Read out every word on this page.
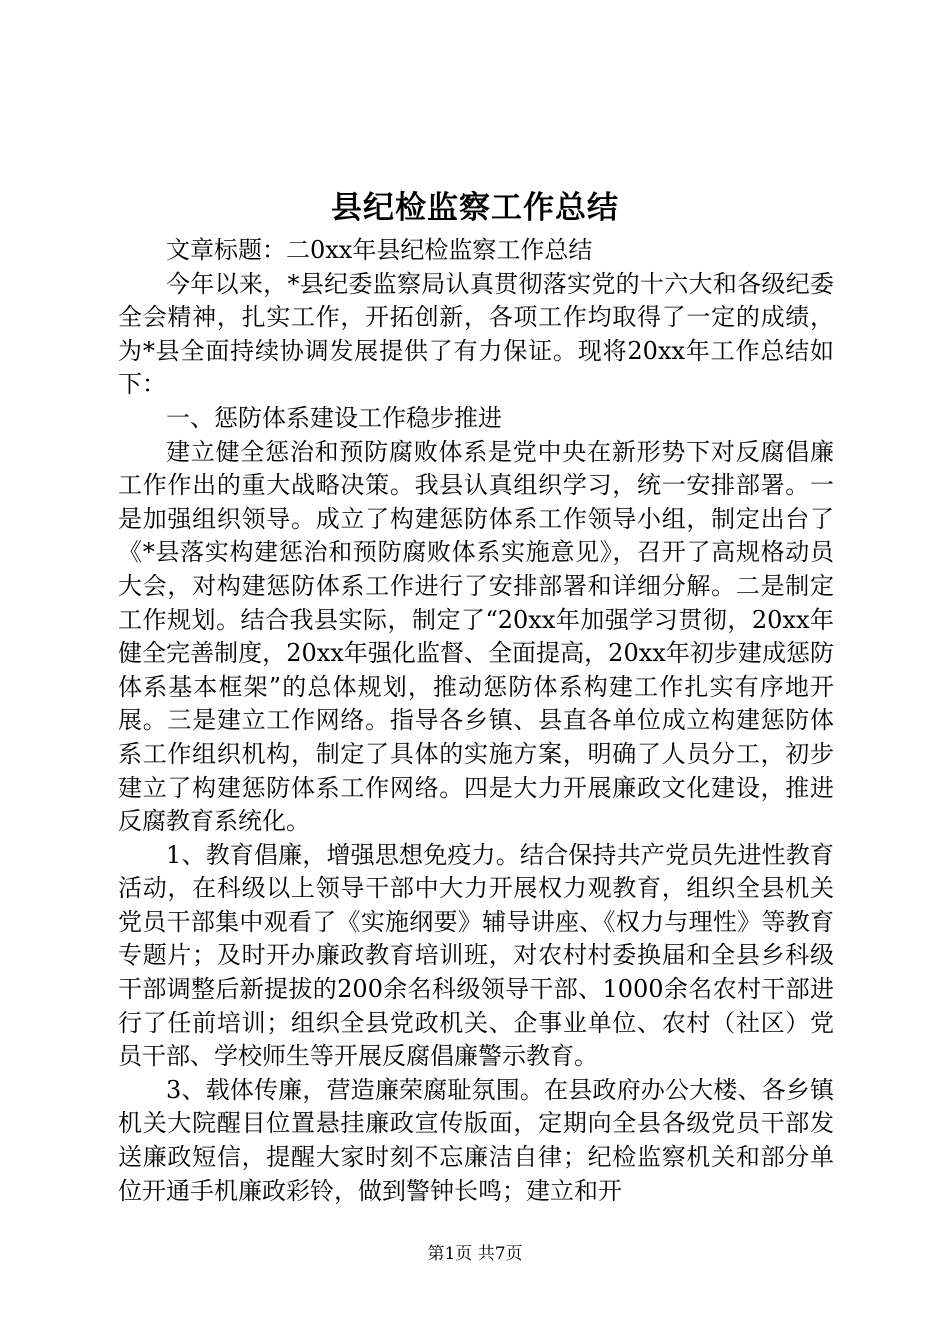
县纪检监察工作总结

文章标题：二0xx年县纪检监察工作总结

今年以来，*县纪委监察局认真贯彻落实党的十六大和各级纪委全会精神，扎实工作，开拓创新，各项工作均取得了一定的成绩，为*县全面持续协调发展提供了有力保证。现将20xx年工作总结如下：

一、惩防体系建设工作稳步推进

建立健全惩治和预防腐败体系是党中央在新形势下对反腐倡廉工作作出的重大战略决策。我县认真组织学习，统一安排部署。一是加强组织领导。成立了构建惩防体系工作领导小组，制定出台了《*县落实构建惩治和预防腐败体系实施意见》，召开了高规格动员大会，对构建惩防体系工作进行了安排部署和详细分解。二是制定工作规划。结合我县实际，制定了“20xx年加强学习贯彻，20xx年健全完善制度，20xx年强化监督、全面提高，20xx年初步建成惩防体系基本框架”的总体规划，推动惩防体系构建工作扎实有序地开展。三是建立工作网络。指导各乡镇、县直各单位成立构建惩防体系工作组织机构，制定了具体的实施方案，明确了人员分工，初步建立了构建惩防体系工作网络。四是大力开展廉政文化建设，推进反腐教育系统化。

1、教育倡廉，增强思想免疫力。结合保持共产党员先进性教育活动，在科级以上领导干部中大力开展权力观教育，组织全县机关党员干部集中观看了《实施纲要》辅导讲座、《权力与理性》等教育专题片；及时开办廉政教育培训班，对农村村委换届和全县乡科级干部调整后新提拔的200余名科级领导干部、1000余名农村干部进行了任前培训；组织全县党政机关、企事业单位、农村（社区）党员干部、学校师生等开展反腐倡廉警示教育。

3、载体传廉，营造廉荣腐耻氛围。在县政府办公大楼、各乡镇机关大院醒目位置悬挂廉政宣传版面，定期向全县各级党员干部发送廉政短信，提醒大家时刻不忘廉洁自律；纪检监察机关和部分单位开通手机廉政彩铃，做到警钟长鸣；建立和开

第1页 共7页
